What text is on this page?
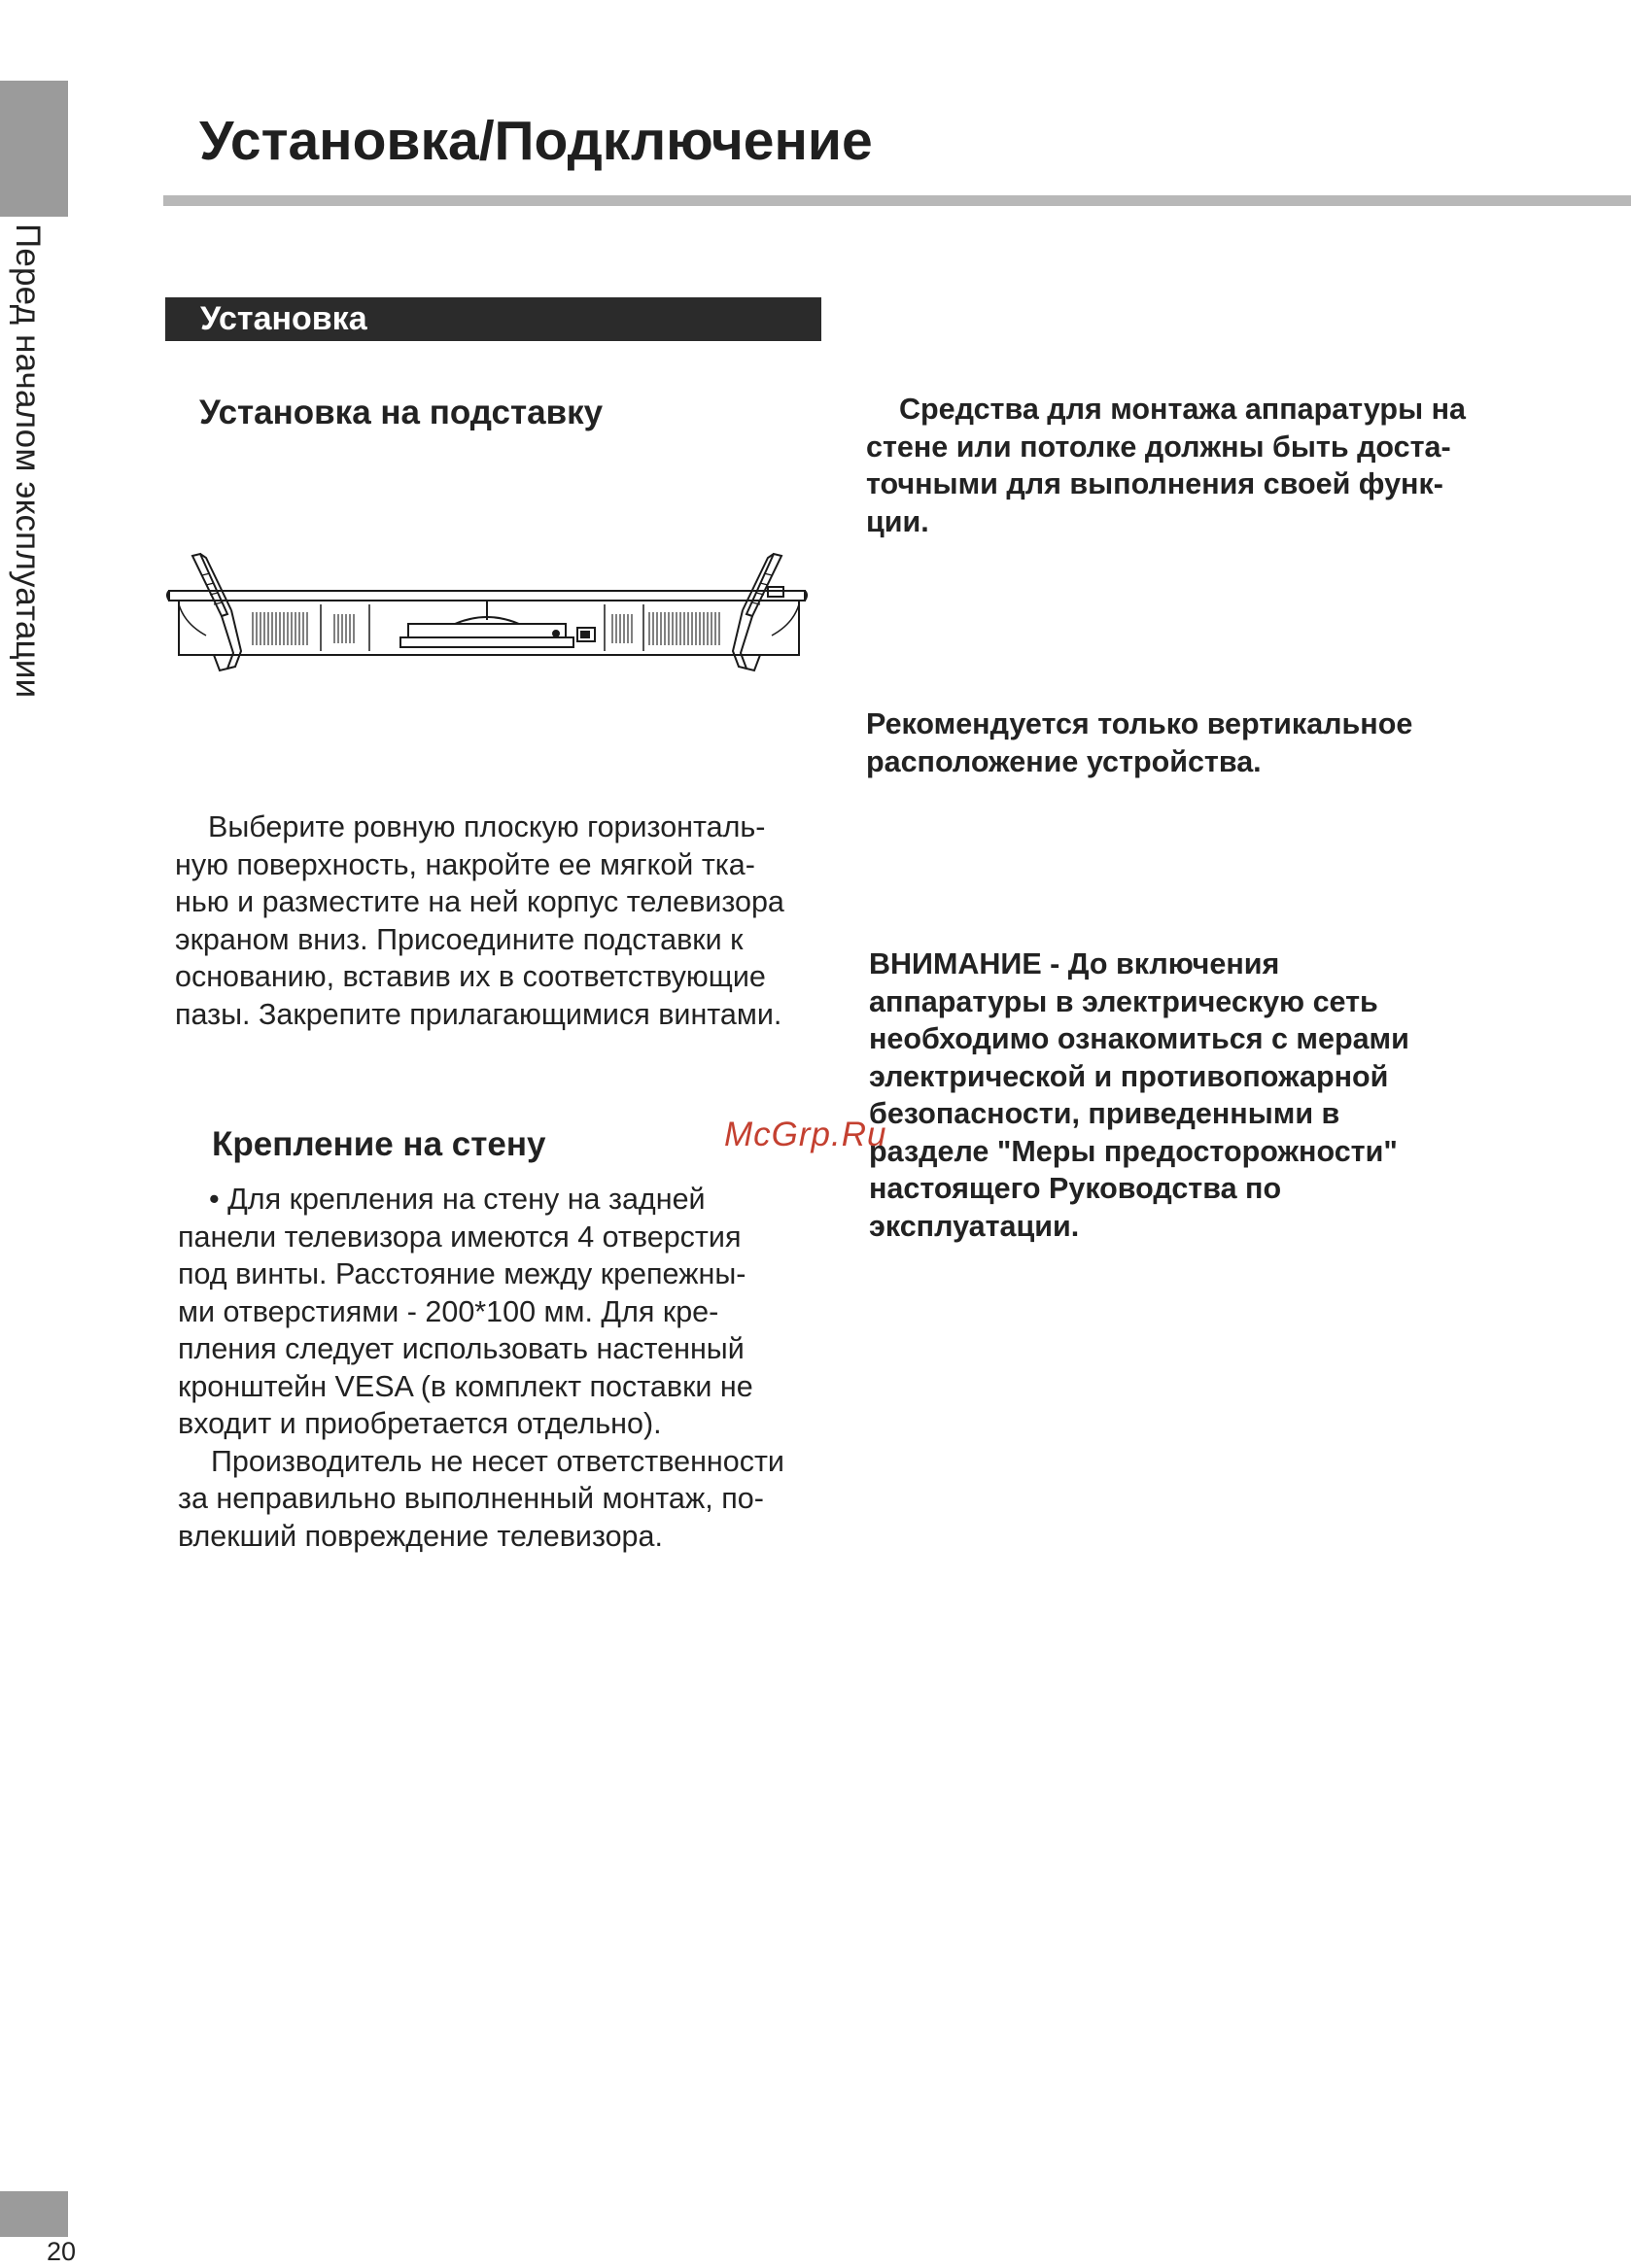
Перед началом эксплуатации
20
Установка/Подключение
Установка
Установка на подставку

Выберите ровную плоскую горизонталь-

ную поверхность, накройте ее мягкой тка-

нью и разместите на ней корпус телевизора

экраном вниз. Присоедините подставки к

основанию, вставив их в соответствующие

пазы. Закрепите прилагающимися винтами.

Крепление на стену

• Для крепления на стену на задней

панели телевизора имеются 4 отверстия

под винты. Расстояние между крепежны-

ми отверстиями - 200*100 мм. Для кре-

пления следует использовать настенный

кронштейн VESA (в комплект поставки не

входит и приобретается отдельно).

Производитель не несет ответственности

за неправильно выполненный монтаж, по-

влекший повреждение телевизора.

Средства для монтажа аппаратуры на

стене или потолке должны быть доста-

точными для выполнения своей функ-

ции.

Рекомендуется только вертикальное

расположение устройства.

ВНИМАНИЕ - До включения

аппаратуры в электрическую сеть

необходимо ознакомиться с мерами

электрической и противопожарной

безопасности, приведенными в

разделе "Меры предосторожности"

настоящего Руководства по

эксплуатации.

McGrp.Ru
